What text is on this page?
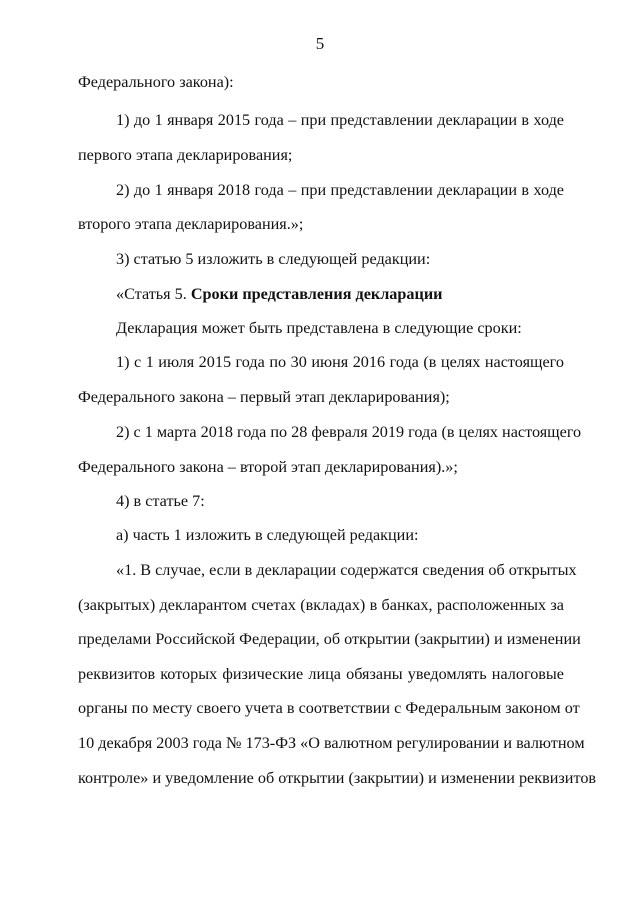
5
Федерального закона):
1) до 1 января 2015 года – при представлении декларации в ходе
первого этапа декларирования;
2) до 1 января 2018 года – при представлении декларации в ходе
второго этапа декларирования.»;
3) статью 5 изложить в следующей редакции:
«Статья 5. Сроки представления декларации
Декларация может быть представлена в следующие сроки:
1) с 1 июля 2015 года по 30 июня 2016 года (в целях настоящего
Федерального закона – первый этап декларирования);
2) с 1 марта 2018 года по 28 февраля 2019 года (в целях настоящего
Федерального закона – второй этап декларирования).»;
4) в статье 7:
а) часть 1 изложить в следующей редакции:
«1. В случае, если в декларации содержатся сведения об открытых
(закрытых) декларантом счетах (вкладах) в банках, расположенных за
пределами Российской Федерации, об открытии (закрытии) и изменении
реквизитов которых физические лица обязаны уведомлять налоговые
органы по месту своего учета в соответствии с Федеральным законом от
10 декабря 2003 года № 173-ФЗ «О валютном регулировании и валютном
контроле» и уведомление об открытии (закрытии) и изменении реквизитов
